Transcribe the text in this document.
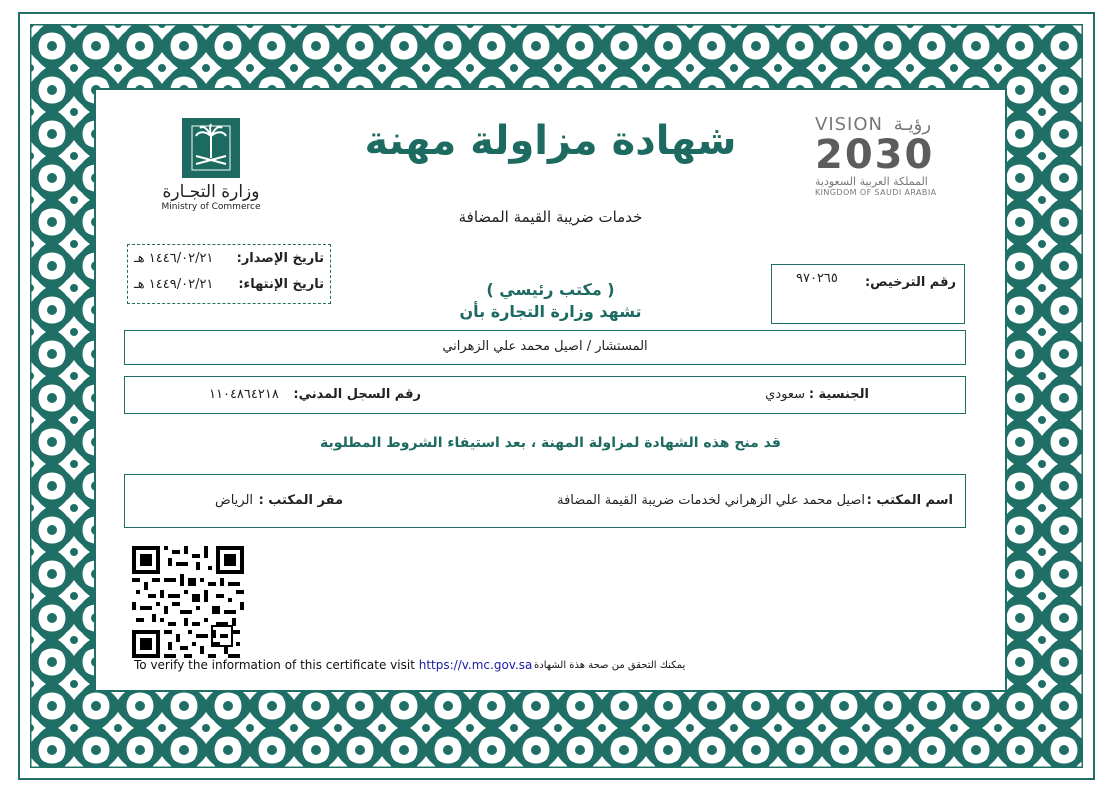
وزارة التجـارة
Ministry of Commerce
شهادة مزاولة مهنة
خدمات ضريبة القيمة المضافة
VISION رؤيـة
2030
المملكة العربية السعودية
KINGDOM OF SAUDI ARABIA
تاريخ الإصدار:
١٤٤٦/٠٢/٢١ هـ
تاريخ الإنتهاء:
١٤٤٩/٠٢/٢١ هـ	رقم الترخيص:
٩٧٠٢٦٥
( مكتب رئيسي )
تشهد وزارة التجارة بأن
المستشار / اصيل محمد علي الزهراني
الجنسية :
سعودي
رقم السجل المدني:
١١٠٤٨٦٤٢١٨
قد منح هذه الشهادة لمزاولة المهنة ، بعد استيفاء الشروط المطلوبة
اسم المكتب :
اصيل محمد علي الزهراني لخدمات ضريبة القيمة المضافة
مقر المكتب :
الرياض
To verify the information of this certificate visit https://v.mc.gov.sa يمكنك التحقق من صحة هذة الشهادة
